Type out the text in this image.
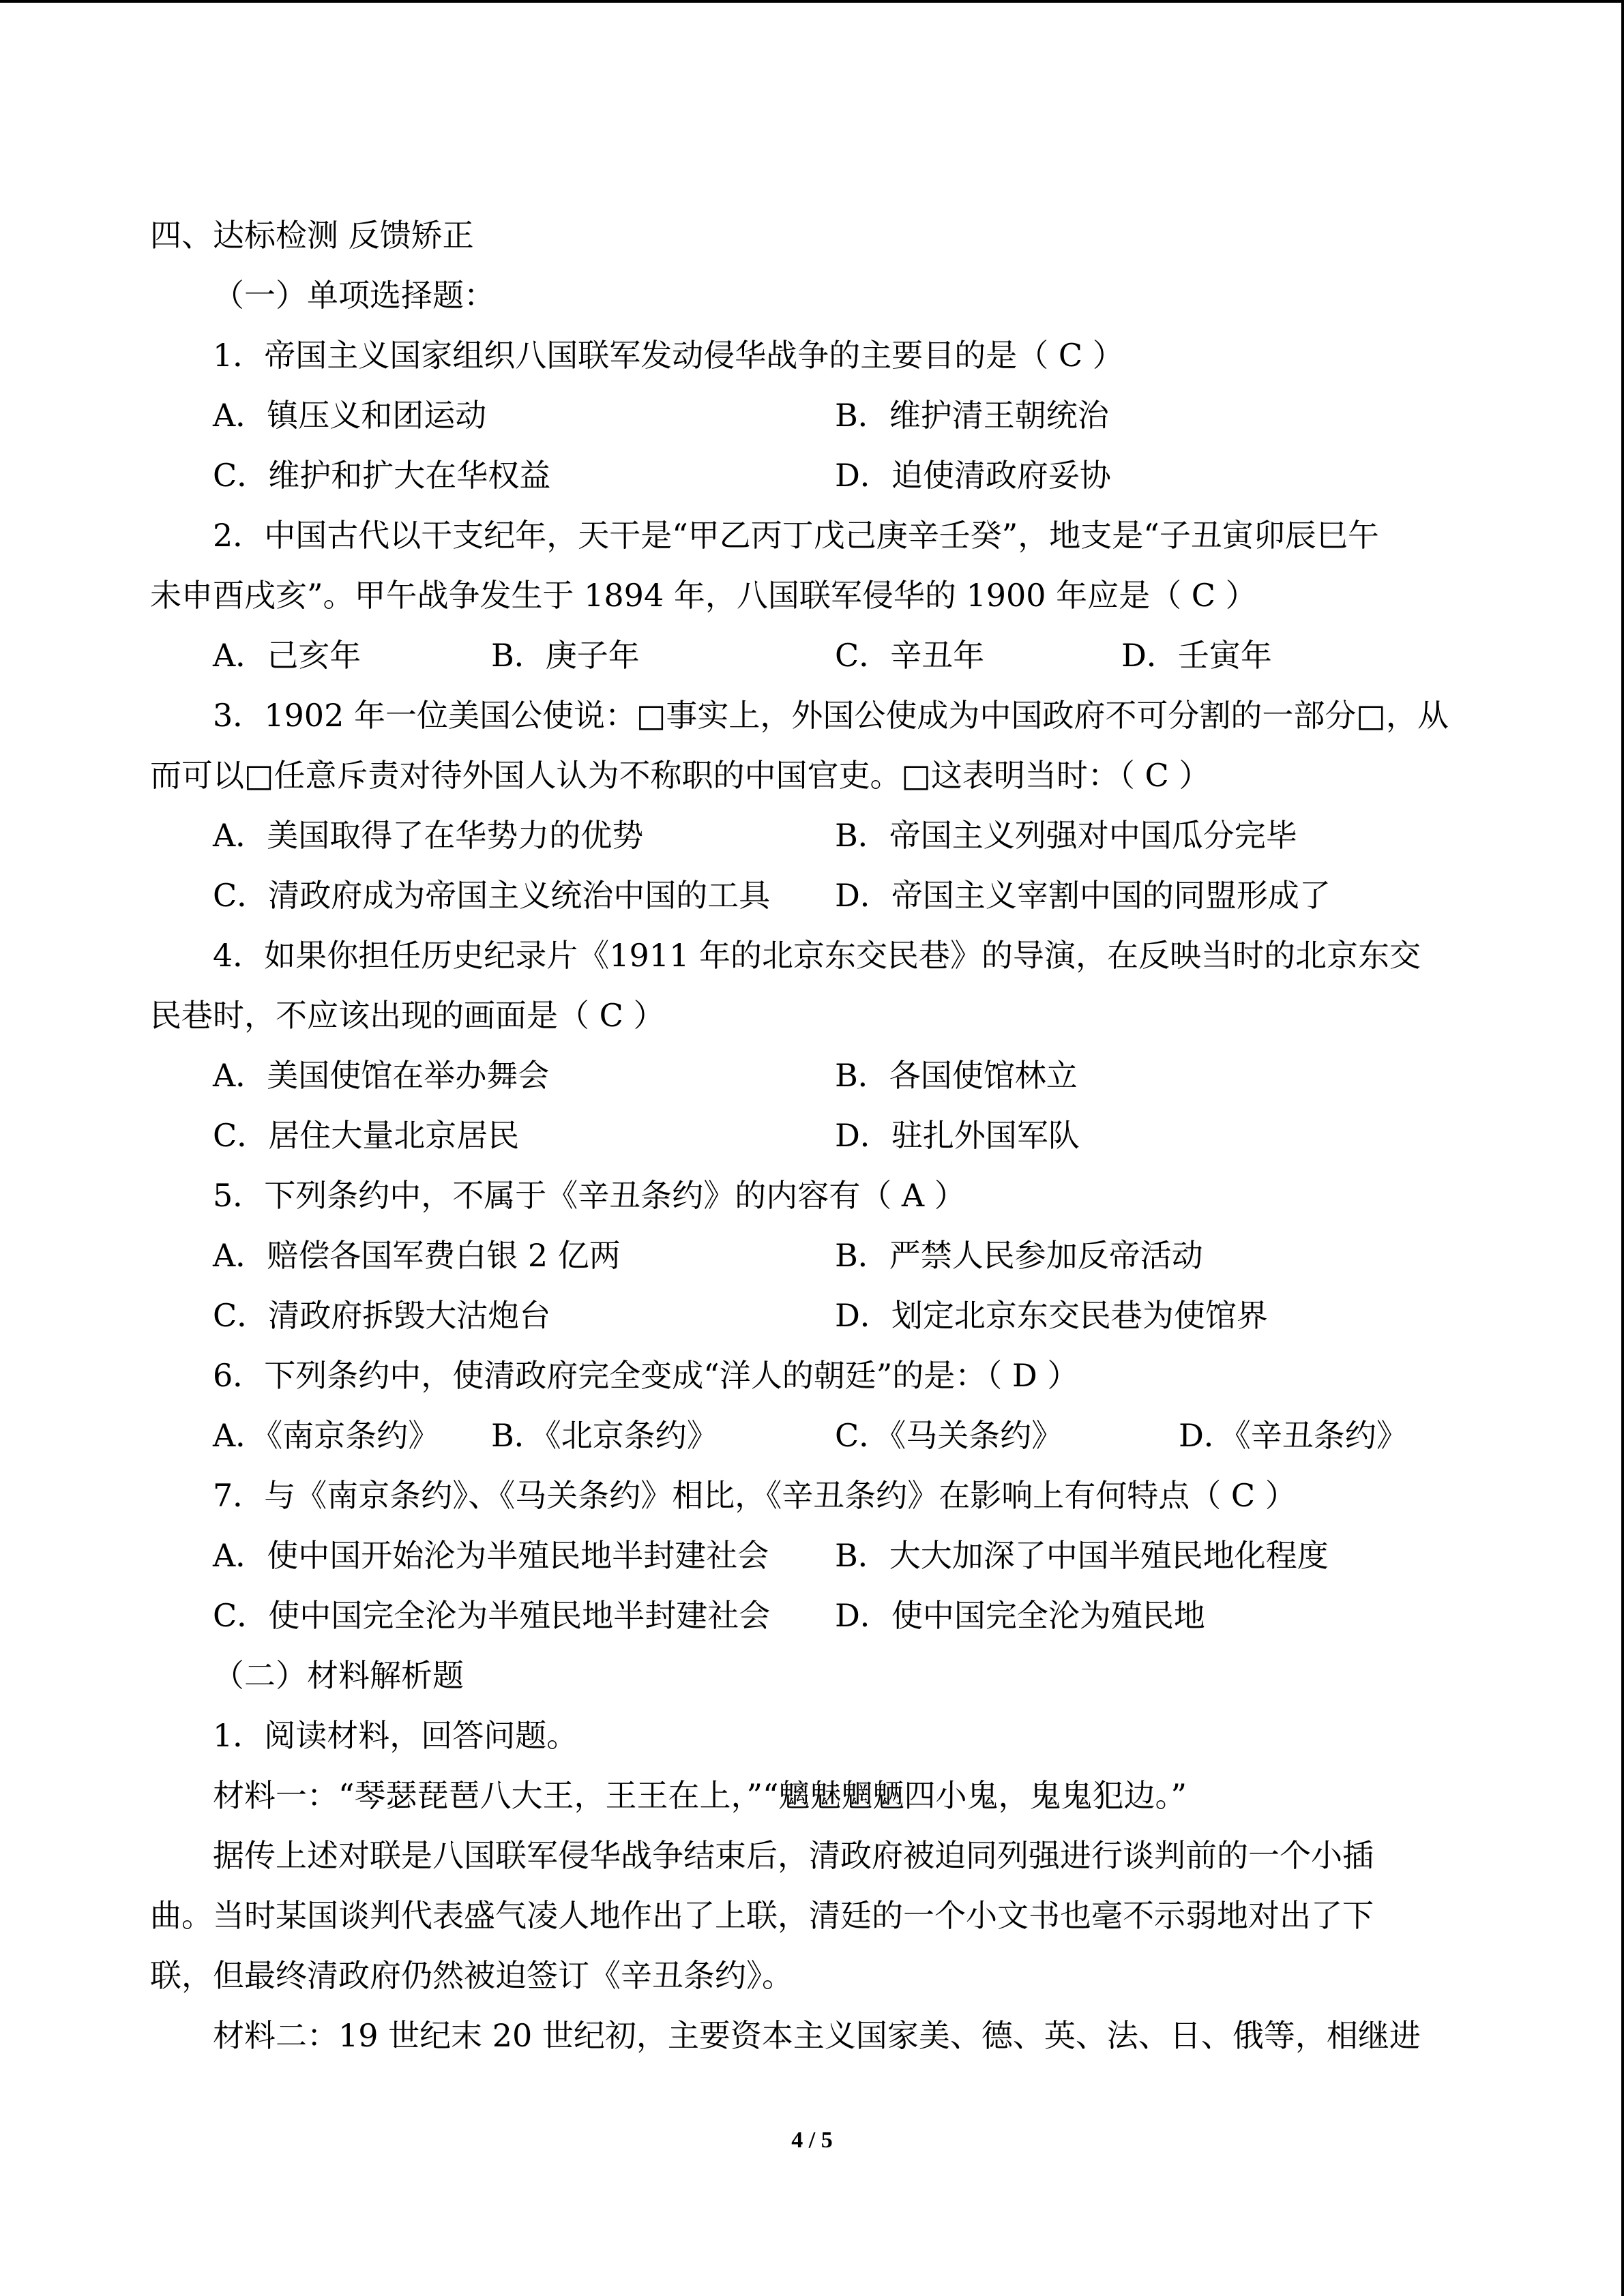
四、达标检测 反馈矫正
（一）单项选择题：
1．帝国主义国家组织八国联军发动侵华战争的主要目的是（ C ）
A．镇压义和团运动	B．维护清王朝统治
C．维护和扩大在华权益	D．迫使清政府妥协
2．中国古代以干支纪年，天干是“甲乙丙丁戊己庚辛壬癸”，地支是“子丑寅卯辰巳午
未申酉戌亥”。甲午战争发生于 1894 年，八国联军侵华的 1900 年应是（ C ）
A．己亥年	B．庚子年	C．辛丑年	D．壬寅年
3．1902 年一位美国公使说：□事实上，外国公使成为中国政府不可分割的一部分□，从
而可以□任意斥责对待外国人认为不称职的中国官吏。□这表明当时：（ C ）
A．美国取得了在华势力的优势	B．帝国主义列强对中国瓜分完毕
C．清政府成为帝国主义统治中国的工具 D．帝国主义宰割中国的同盟形成了
4．如果你担任历史纪录片《1911 年的北京东交民巷》的导演，在反映当时的北京东交
民巷时，不应该出现的画面是（ C ）
A．美国使馆在举办舞会	B．各国使馆林立
C．居住大量北京居民	D．驻扎外国军队
5．下列条约中，不属于《辛丑条约》的内容有（ A ）
A．赔偿各国军费白银 2 亿两	B．严禁人民参加反帝活动
C．清政府拆毁大沽炮台	D．划定北京东交民巷为使馆界
6．下列条约中，使清政府完全变成“洋人的朝廷”的是：（ D ）
A．《南京条约》 B．《北京条约》	C．《马关条约》	D．《辛丑条约》
7．与《南京条约》、《马关条约》相比，《辛丑条约》在影响上有何特点（ C ）
A．使中国开始沦为半殖民地半封建社会 B．大大加深了中国半殖民地化程度
C．使中国完全沦为半殖民地半封建社会 D．使中国完全沦为殖民地
（二）材料解析题
1．阅读材料，回答问题。
材料一：“琴瑟琵琶八大王，王王在上，”“魑魅魍魉四小鬼，鬼鬼犯边。”
据传上述对联是八国联军侵华战争结束后，清政府被迫同列强进行谈判前的一个小插
曲。当时某国谈判代表盛气凌人地作出了上联，清廷的一个小文书也毫不示弱地对出了下
联，但最终清政府仍然被迫签订《辛丑条约》。
材料二：19 世纪末 20 世纪初，主要资本主义国家美、德、英、法、日、俄等，相继进
4 / 5
